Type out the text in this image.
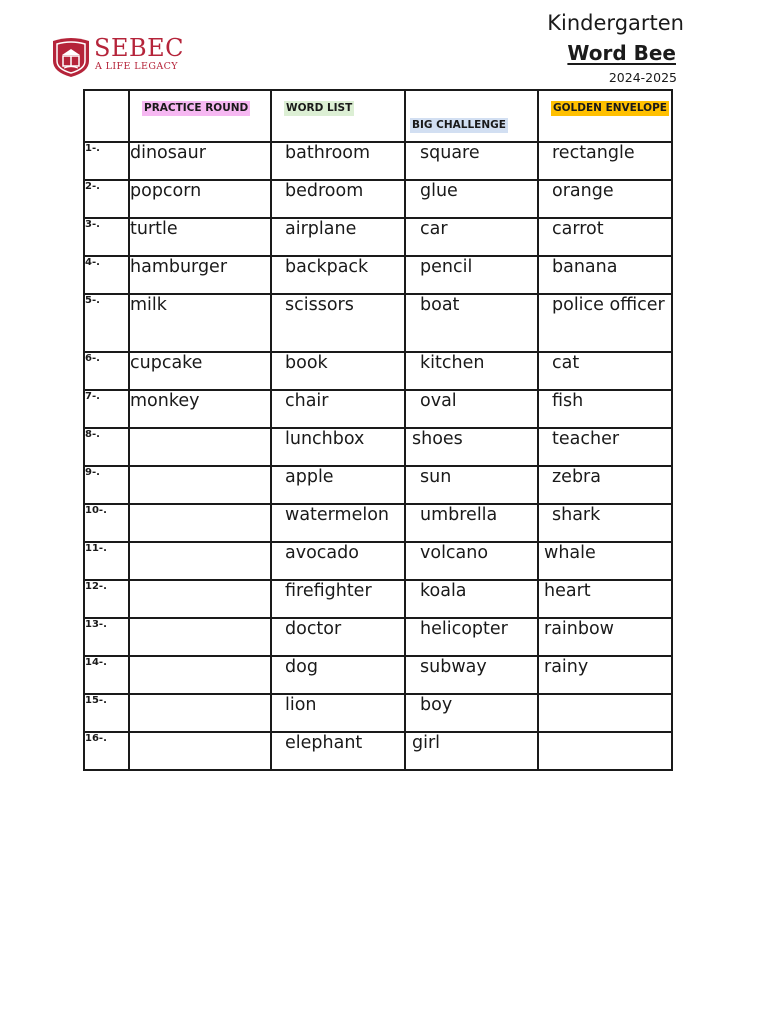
SEBEC
A LIFE LEGACY
Kindergarten
Word Bee
2024-2025
	PRACTICE ROUND	WORD LIST	BIG CHALLENGE	GOLDEN ENVELOPE
1-.	dinosaur	bathroom	square	rectangle
2-.	popcorn	bedroom	glue	orange
3-.	turtle	airplane	car	carrot
4-.	hamburger	backpack	pencil	banana
5-.	milk	scissors	boat	police officer
6-.	cupcake	book	kitchen	cat
7-.	monkey	chair	oval	fish
8-.		lunchbox	shoes	teacher
9-.		apple	sun	zebra
10-.		watermelon	umbrella	shark
11-.		avocado	volcano	whale
12-.		firefighter	koala	heart
13-.		doctor	helicopter	rainbow
14-.		dog	subway	rainy
15-.		lion	boy	
16-.		elephant	girl	
